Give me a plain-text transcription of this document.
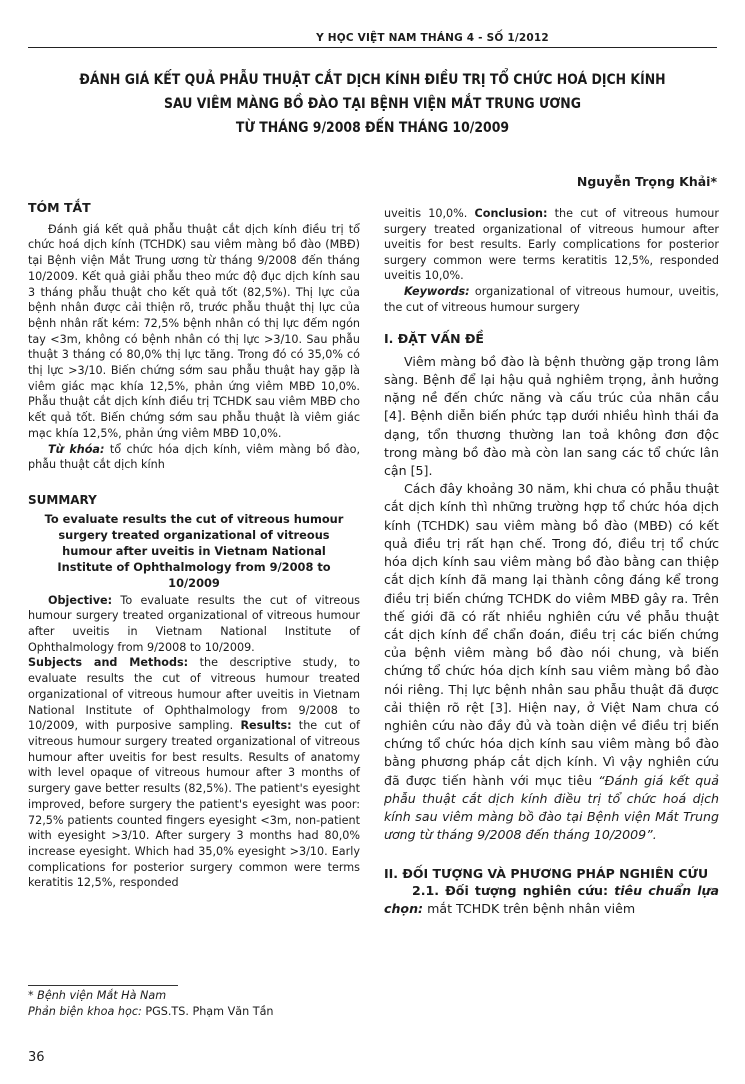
Y HỌC VIỆT NAM THÁNG 4 - SỐ 1/2012
ĐÁNH GIÁ KẾT QUẢ PHẪU THUẬT CẮT DỊCH KÍNH ĐIỀU TRỊ TỔ CHỨC HOÁ DỊCH KÍNH
SAU VIÊM MÀNG BỒ ĐÀO TẠI BỆNH VIỆN MẮT TRUNG ƯƠNG
TỪ THÁNG 9/2008 ĐẾN THÁNG 10/2009
Nguyễn Trọng Khải*
TÓM TẮT

Đánh giá kết quả phẫu thuật cắt dịch kính điều trị tổ chức hoá dịch kính (TCHDK) sau viêm màng bồ đào (MBĐ) tại Bệnh viện Mắt Trung ương từ tháng 9/2008 đến tháng 10/2009. Kết quả giải phẫu theo mức độ đục dịch kính sau 3 tháng phẫu thuật cho kết quả tốt (82,5%). Thị lực của bệnh nhân được cải thiện rõ, trước phẫu thuật thị lực của bệnh nhân rất kém: 72,5% bệnh nhân có thị lực đếm ngón tay <3m, không có bệnh nhân có thị lực >3/10. Sau phẫu thuật 3 tháng có 80,0% thị lực tăng. Trong đó có 35,0% có thị lực >3/10. Biến chứng sớm sau phẫu thuật hay gặp là viêm giác mạc khía 12,5%, phản ứng viêm MBĐ 10,0%. Phẫu thuật cắt dịch kính điều trị TCHDK sau viêm MBĐ cho kết quả tốt. Biến chứng sớm sau phẫu thuật là viêm giác mạc khía 12,5%, phản ứng viêm MBĐ 10,0%.

Từ khóa: tổ chức hóa dịch kính, viêm màng bồ đào, phẫu thuật cắt dịch kính

SUMMARY
To evaluate results the cut of vitreous humour surgery treated organizational of vitreous humour after uveitis in Vietnam National Institute of Ophthalmology from 9/2008 to 10/2009

Objective: To evaluate results the cut of vitreous humour surgery treated organizational of vitreous humour after uveitis in Vietnam National Institute of Ophthalmology from 9/2008 to 10/2009.

Subjects and Methods: the descriptive study, to evaluate results the cut of vitreous humour treated organizational of vitreous humour after uveitis in Vietnam National Institute of Ophthalmology from 9/2008 to 10/2009, with purposive sampling. Results: the cut of vitreous humour surgery treated organizational of vitreous humour after uveitis for best results. Results of anatomy with level opaque of vitreous humour after 3 months of surgery gave better results (82,5%). The patient's eyesight improved, before surgery the patient's eyesight was poor: 72,5% patients counted fingers eyesight <3m, non-patient with eyesight >3/10. After surgery 3 months had 80,0% increase eyesight. Which had 35,0% eyesight >3/10. Early complications for posterior surgery common were terms keratitis 12,5%, responded

uveitis 10,0%. Conclusion: the cut of vitreous humour surgery treated organizational of vitreous humour after uveitis for best results. Early complications for posterior surgery common were terms keratitis 12,5%, responded uveitis 10,0%.

Keywords: organizational of vitreous humour, uveitis, the cut of vitreous humour surgery

I. ĐẶT VẤN ĐỀ

Viêm màng bồ đào là bệnh thường gặp trong lâm sàng. Bệnh để lại hậu quả nghiêm trọng, ảnh hưởng nặng nề đến chức năng và cấu trúc của nhãn cầu [4]. Bệnh diễn biến phức tạp dưới nhiều hình thái đa dạng, tổn thương thường lan toả không đơn độc trong màng bồ đào mà còn lan sang các tổ chức lân cận [5].

Cách đây khoảng 30 năm, khi chưa có phẫu thuật cắt dịch kính thì những trường hợp tổ chức hóa dịch kính (TCHDK) sau viêm màng bồ đào (MBĐ) có kết quả điều trị rất hạn chế. Trong đó, điều trị tổ chức hóa dịch kính sau viêm màng bồ đào bằng can thiệp cắt dịch kính đã mang lại thành công đáng kể trong điều trị biến chứng TCHDK do viêm MBĐ gây ra. Trên thế giới đã có rất nhiều nghiên cứu về phẫu thuật cắt dịch kính để chẩn đoán, điều trị các biến chứng của bệnh viêm màng bồ đào nói chung, và biến chứng tổ chức hóa dịch kính sau viêm màng bồ đào nói riêng. Thị lực bệnh nhân sau phẫu thuật đã được cải thiện rõ rệt [3]. Hiện nay, ở Việt Nam chưa có nghiên cứu nào đầy đủ và toàn diện về điều trị biến chứng tổ chức hóa dịch kính sau viêm màng bồ đào bằng phương pháp cắt dịch kính. Vì vậy nghiên cứu đã được tiến hành với mục tiêu “Đánh giá kết quả phẫu thuật cắt dịch kính điều trị tổ chức hoá dịch kính sau viêm màng bồ đào tại Bệnh viện Mắt Trung ương từ tháng 9/2008 đến tháng 10/2009”.

II. ĐỐI TƯỢNG VÀ PHƯƠNG PHÁP NGHIÊN CỨU

2.1. Đối tượng nghiên cứu: tiêu chuẩn lựa chọn: mắt TCHDK trên bệnh nhân viêm

* Bệnh viện Mắt Hà Nam
Phản biện khoa học: PGS.TS. Phạm Văn Tần
36
